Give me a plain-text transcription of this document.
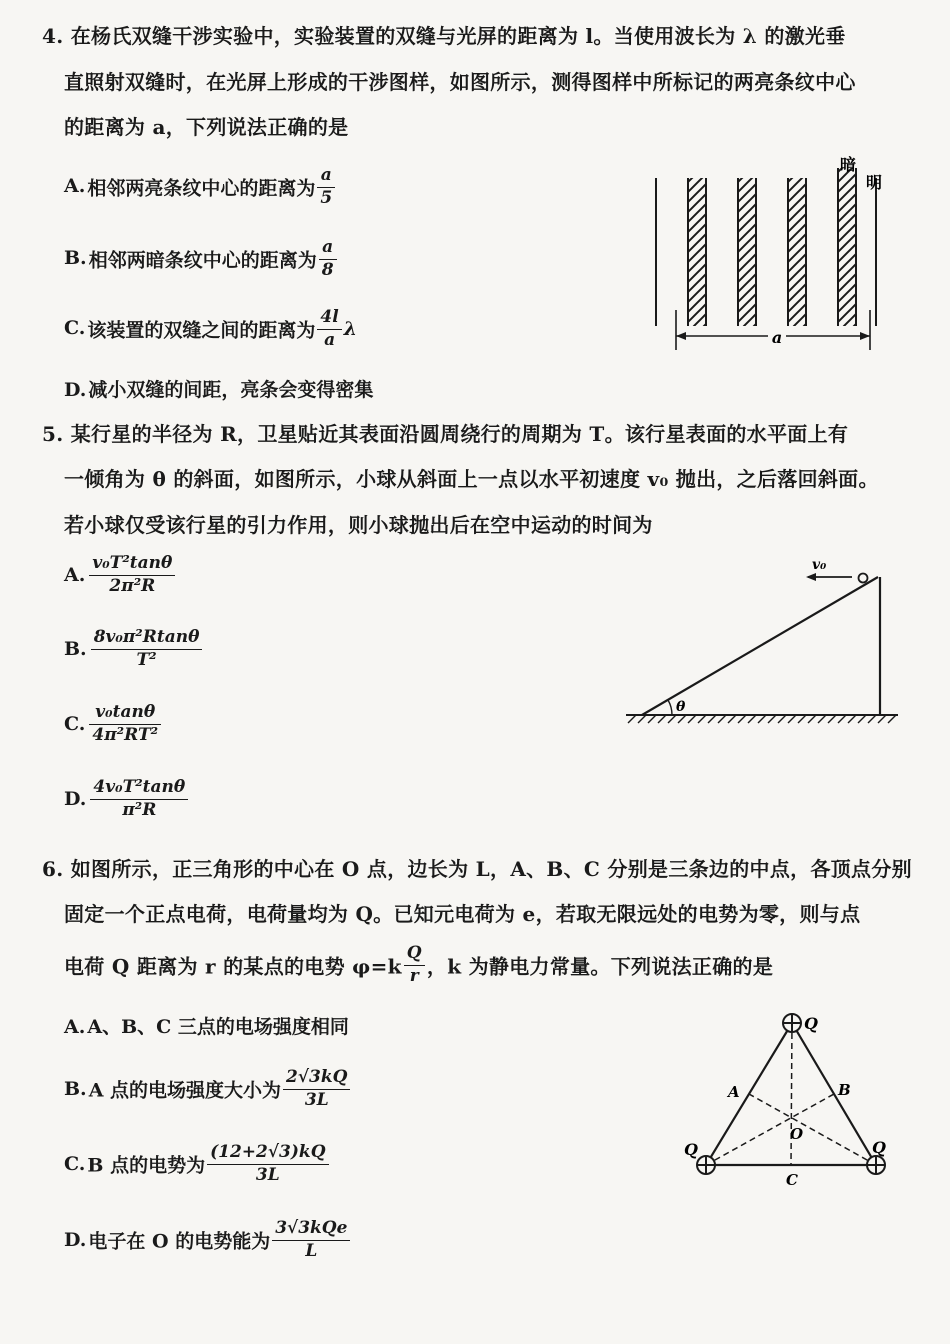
4. 在杨氏双缝干涉实验中，实验装置的双缝与光屏的距离为 l。当使用波长为 λ 的激光垂
直照射双缝时，在光屏上形成的干涉图样，如图所示，测得图样中所标记的两亮条纹中心
的距离为 a，下列说法正确的是
A. 相邻两亮条纹中心的距离为 $\frac{a}{5}$
B. 相邻两暗条纹中心的距离为 $\frac{a}{8}$
C. 该装置的双缝之间的距离为 $\frac{4l}{a}$ λ
D. 减小双缝的间距，亮条会变得密集
a
暗
明
5. 某行星的半径为 R，卫星贴近其表面沿圆周绕行的周期为 T。该行星表面的水平面上有
一倾角为 θ 的斜面，如图所示，小球从斜面上一点以水平初速度 v₀ 抛出，之后落回斜面。
若小球仅受该行星的引力作用，则小球抛出后在空中运动的时间为
A. $\frac{\text{v₀T²tanθ}}{\text{2π²R}}$
B. $\frac{\text{8v₀π²Rtanθ}}{\text{T²}}$
C. $\frac{\text{v₀tanθ}}{\text{4π²RT²}}$
D. $\frac{\text{4v₀T²tanθ}}{\text{π²R}}$
v₀
θ
6. 如图所示，正三角形的中心在 O 点，边长为 L，A、B、C 分别是三条边的中点，各顶点分别
固定一个正点电荷，电荷量均为 Q。已知元电荷为 e，若取无限远处的电势为零，则与点
电荷 Q 距离为 r 的某点的电势 $\varphi=k \frac{Q}{r}$ ，k 为静电力常量。下列说法正确的是
A. A、B、C 三点的电场强度相同
B. A 点的电场强度大小为 $\frac{2√3kQ}{3L}$
C. B 点的电势为 $\frac{(12+2√3)kQ}{3L}$
D. 电子在 O 的电势能为 $\frac{\text{3√3kQe}}{L}$
Q
Q	Q
A	B
C
O
